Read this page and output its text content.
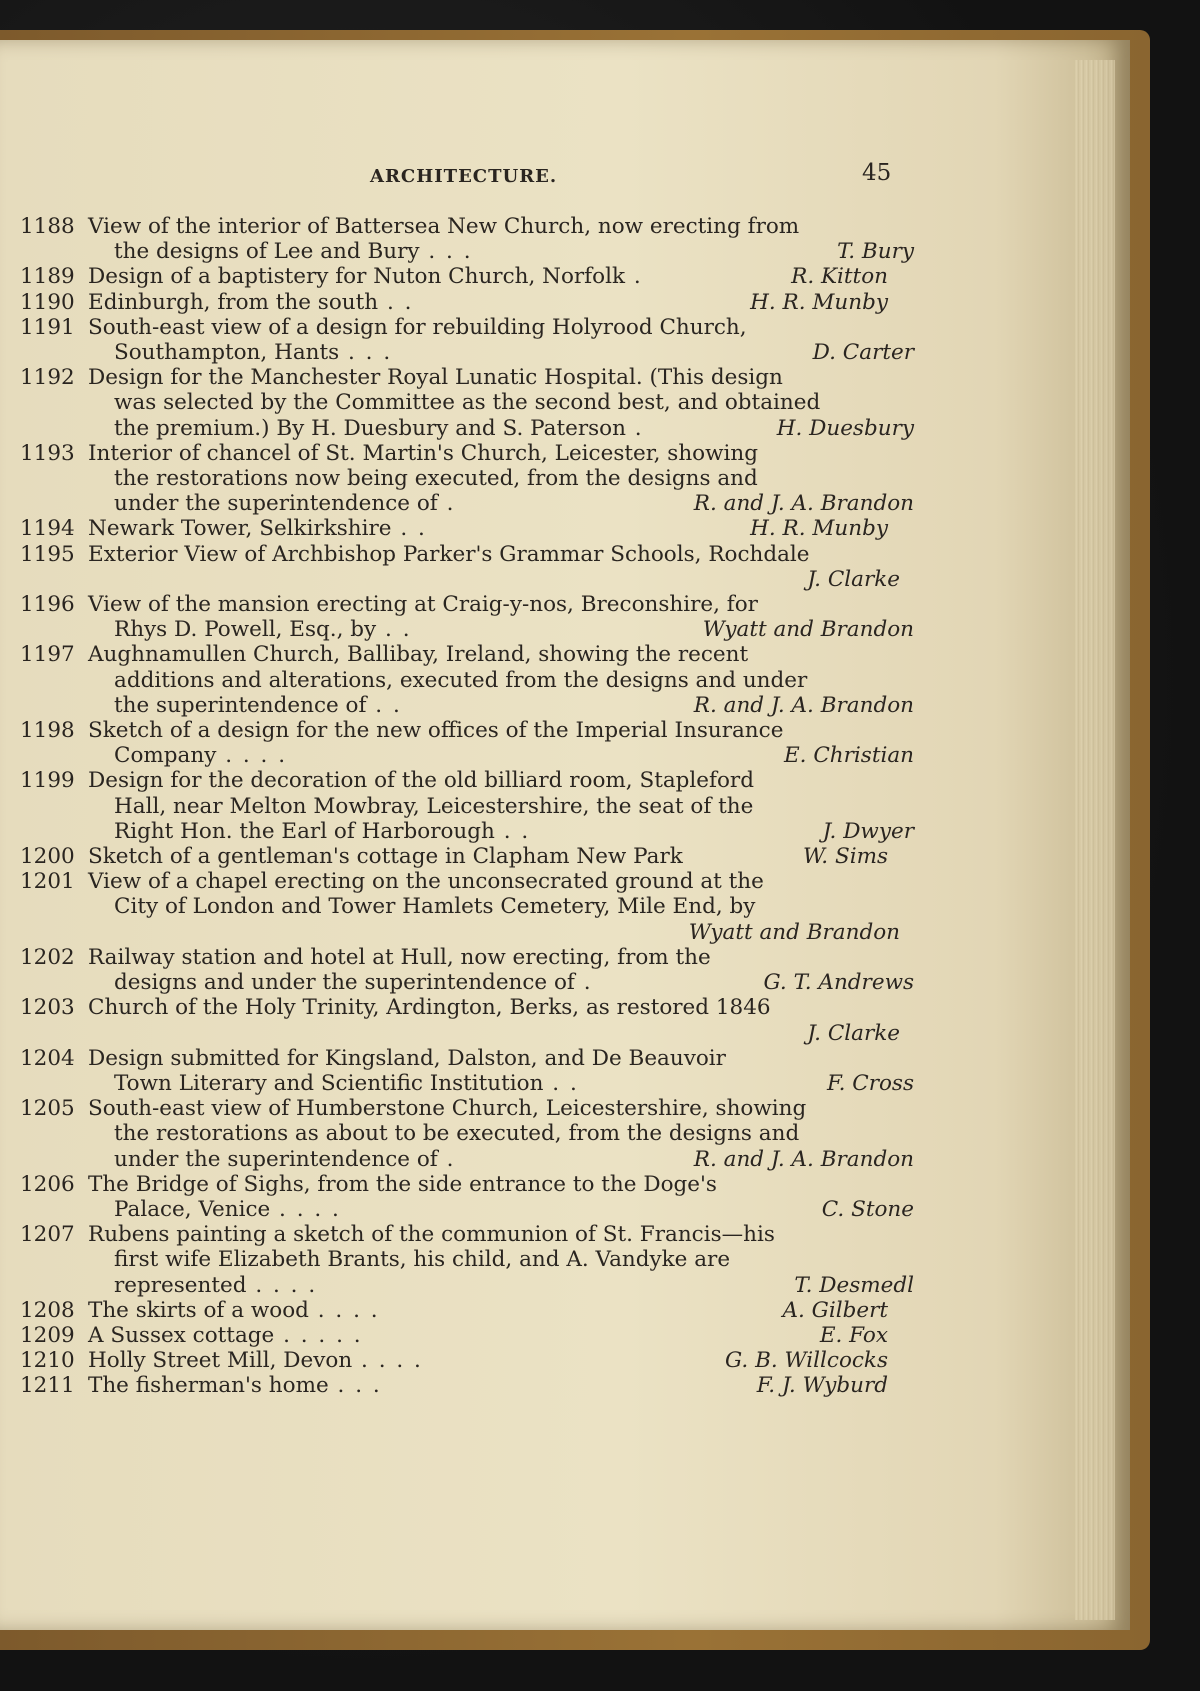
ARCHITECTURE.	45
1188 View of the interior of Battersea New Church, now erecting from
the designs of Lee and Bury . . .	T. Bury
1189 Design of a baptistery for Nuton Church, Norfolk .	R. Kitton
1190 Edinburgh, from the south . .	H. R. Munby
1191 South-east view of a design for rebuilding Holyrood Church,
Southampton, Hants . . .	D. Carter
1192 Design for the Manchester Royal Lunatic Hospital. (This design
was selected by the Committee as the second best, and obtained
the premium.) By H. Duesbury and S. Paterson .	H. Duesbury
1193 Interior of chancel of St. Martin's Church, Leicester, showing
the restorations now being executed, from the designs and
under the superintendence of .	R. and J. A. Brandon
1194 Newark Tower, Selkirkshire . .	H. R. Munby
1195 Exterior View of Archbishop Parker's Grammar Schools, Rochdale
J. Clarke
1196 View of the mansion erecting at Craig-y-nos, Breconshire, for
Rhys D. Powell, Esq., by . .	Wyatt and Brandon
1197 Aughnamullen Church, Ballibay, Ireland, showing the recent
additions and alterations, executed from the designs and under
the superintendence of . .	R. and J. A. Brandon
1198 Sketch of a design for the new offices of the Imperial Insurance
Company . . . .	E. Christian
1199 Design for the decoration of the old billiard room, Stapleford
Hall, near Melton Mowbray, Leicestershire, the seat of the
Right Hon. the Earl of Harborough . .	J. Dwyer
1200 Sketch of a gentleman's cottage in Clapham New Park	W. Sims
1201 View of a chapel erecting on the unconsecrated ground at the
City of London and Tower Hamlets Cemetery, Mile End, by
Wyatt and Brandon
1202 Railway station and hotel at Hull, now erecting, from the
designs and under the superintendence of .	G. T. Andrews
1203 Church of the Holy Trinity, Ardington, Berks, as restored 1846
J. Clarke
1204 Design submitted for Kingsland, Dalston, and De Beauvoir
Town Literary and Scientific Institution . .	F. Cross
1205 South-east view of Humberstone Church, Leicestershire, showing
the restorations as about to be executed, from the designs and
under the superintendence of .	R. and J. A. Brandon
1206 The Bridge of Sighs, from the side entrance to the Doge's
Palace, Venice . . . .	C. Stone
1207 Rubens painting a sketch of the communion of St. Francis—his
first wife Elizabeth Brants, his child, and A. Vandyke are
represented . . . .	T. Desmedl
1208 The skirts of a wood . . . .	A. Gilbert
1209 A Sussex cottage . . . . .	E. Fox
1210 Holly Street Mill, Devon . . . .	G. B. Willcocks
1211 The fisherman's home . . .	F. J. Wyburd
